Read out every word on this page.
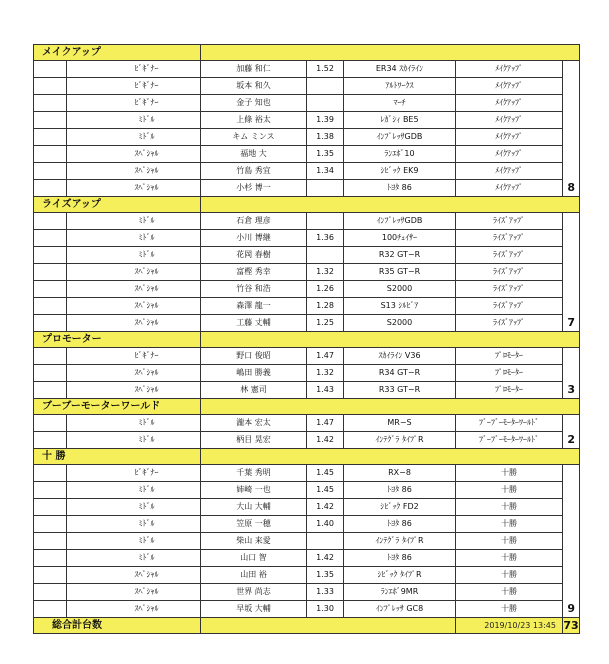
メイクアップ						
	ﾋﾞｷﾞﾅｰ	加藤 和仁	1.52	ER34 ｽｶｲﾗｲﾝ	ﾒｲｸｱｯﾌﾟ	8
	ﾋﾞｷﾞﾅｰ	坂本 和久		ｱﾙﾄﾜｰｸｽ	ﾒｲｸｱｯﾌﾟ	
	ﾋﾞｷﾞﾅｰ	金子 知也		ﾏｰﾁ	ﾒｲｸｱｯﾌﾟ	
	ﾐﾄﾞﾙ	上條 裕太	1.39	ﾚｶﾞｼｨ BE5	ﾒｲｸｱｯﾌﾟ	
	ﾐﾄﾞﾙ	キム ミンス	1.38	ｲﾝﾌﾟﾚｯｻGDB	ﾒｲｸｱｯﾌﾟ	
	ｽﾍﾟｼｬﾙ	福地 大	1.35	ﾗﾝｴﾎﾞ10	ﾒｲｸｱｯﾌﾟ	
	ｽﾍﾟｼｬﾙ	竹島 秀宜	1.34	ｼﾋﾞｯｸ EK9	ﾒｲｸｱｯﾌﾟ	
	ｽﾍﾟｼｬﾙ	小杉 博一		ﾄﾖﾀ 86	ﾒｲｸｱｯﾌﾟ	
ライズアップ						
	ﾐﾄﾞﾙ	石倉 理彦		ｲﾝﾌﾟﾚｯｻGDB	ﾗｲｽﾞｱｯﾌﾟ	7
	ﾐﾄﾞﾙ	小川 博継	1.36	100ﾁｪｲｻｰ	ﾗｲｽﾞｱｯﾌﾟ	
	ﾐﾄﾞﾙ	花岡 春樹		R32 GT−R	ﾗｲｽﾞｱｯﾌﾟ	
	ｽﾍﾟｼｬﾙ	富樫 秀幸	1.32	R35 GT−R	ﾗｲｽﾞｱｯﾌﾟ	
	ｽﾍﾟｼｬﾙ	竹谷 和浩	1.26	S2000	ﾗｲｽﾞｱｯﾌﾟ	
	ｽﾍﾟｼｬﾙ	森澤 龍一	1.28	S13 ｼﾙﾋﾞｱ	ﾗｲｽﾞｱｯﾌﾟ	
	ｽﾍﾟｼｬﾙ	工藤 丈輔	1.25	S2000	ﾗｲｽﾞｱｯﾌﾟ	
プロモーター						
	ﾋﾞｷﾞﾅｰ	野口 俊昭	1.47	ｽｶｲﾗｲﾝ V36	ﾌﾟﾛﾓｰﾀｰ	3
	ｽﾍﾟｼｬﾙ	嶋田 勝義	1.32	R34 GT−R	ﾌﾟﾛﾓｰﾀｰ	
	ｽﾍﾟｼｬﾙ	林 憲司	1.43	R33 GT−R	ﾌﾟﾛﾓｰﾀｰ	
ブーブーモーターワールド						
	ﾐﾄﾞﾙ	瀧本 宏太	1.47	MR−S	ﾌﾞｰﾌﾞｰﾓｰﾀｰﾜｰﾙﾄﾞ	2
	ﾐﾄﾞﾙ	柄目 晃宏	1.42	ｲﾝﾃｸﾞﾗ ﾀｲﾌﾟR	ﾌﾞｰﾌﾞｰﾓｰﾀｰﾜｰﾙﾄﾞ	
十 勝						
	ﾋﾞｷﾞﾅｰ	千葉 秀明	1.45	RX−8	十勝	9
	ﾐﾄﾞﾙ	姉崎 一也	1.45	ﾄﾖﾀ 86	十勝	
	ﾐﾄﾞﾙ	大山 大輔	1.42	ｼﾋﾞｯｸ FD2	十勝	
	ﾐﾄﾞﾙ	笠原 一穂	1.40	ﾄﾖﾀ 86	十勝	
	ﾐﾄﾞﾙ	柴山 来愛		ｲﾝﾃｸﾞﾗ ﾀｲﾌﾟR	十勝	
	ﾐﾄﾞﾙ	山口 智	1.42	ﾄﾖﾀ 86	十勝	
	ｽﾍﾟｼｬﾙ	山田 裕	1.35	ｼﾋﾞｯｸ ﾀｲﾌﾟR	十勝	
	ｽﾍﾟｼｬﾙ	世界 尚志	1.33	ﾗﾝｴﾎﾞ9MR	十勝	
	ｽﾍﾟｼｬﾙ	早坂 大輔	1.30	ｲﾝﾌﾟﾚｯｻ GC8	十勝	
総合計台数					2019/10/23 13:45	73
